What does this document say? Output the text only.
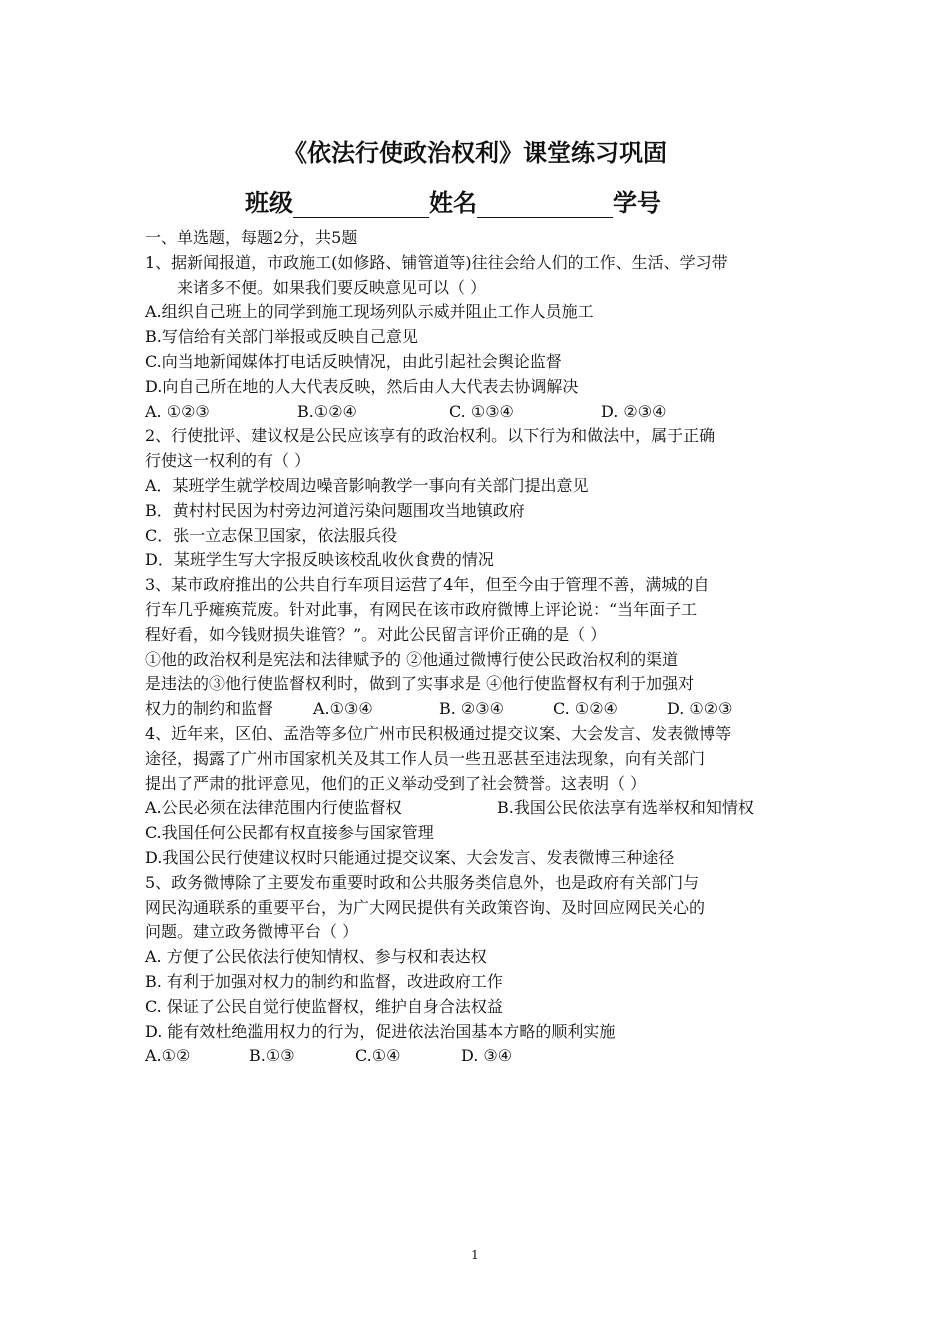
《依法行使政治权利》课堂练习巩固
班级	姓名	学号
一、单选题，每题2分，共5题
1、据新闻报道，市政施工(如修路、铺管道等)往往会给人们的工作、生活、学习带
来诸多不便。如果我们要反映意见可以（ ）
A.组织自己班上的同学到施工现场列队示威并阻止工作人员施工
B.写信给有关部门举报或反映自己意见
C.向当地新闻媒体打电话反映情况，由此引起社会舆论监督
D.向自己所在地的人大代表反映，然后由人大代表去协调解决
A. ①②③	B.①②④	C. ①③④	D. ②③④
2、行使批评、建议权是公民应该享有的政治权利。以下行为和做法中，属于正确
行使这一权利的有（ ）
A．某班学生就学校周边噪音影响教学一事向有关部门提出意见
B．黄村村民因为村旁边河道污染问题围攻当地镇政府
C．张一立志保卫国家，依法服兵役
D．某班学生写大字报反映该校乱收伙食费的情况
3、某市政府推出的公共自行车项目运营了4年，但至今由于管理不善，满城的自
行车几乎瘫痪荒废。针对此事，有网民在该市政府微博上评论说：“当年面子工
程好看，如今钱财损失谁管？”。对此公民留言评价正确的是（ ）
①他的政治权利是宪法和法律赋予的 ②他通过微博行使公民政治权利的渠道
是违法的③他行使监督权利时，做到了实事求是 ④他行使监督权有利于加强对
权力的制约和监督 A.①③④	B. ②③④	C. ①②④	D. ①②③
4、近年来，区伯、孟浩等多位广州市民积极通过提交议案、大会发言、发表微博等
途径，揭露了广州市国家机关及其工作人员一些丑恶甚至违法现象，向有关部门
提出了严肃的批评意见，他们的正义举动受到了社会赞誉。这表明（ ）
A.公民必须在法律范围内行使监督权	B.我国公民依法享有选举权和知情权
C.我国任何公民都有权直接参与国家管理
D.我国公民行使建议权时只能通过提交议案、大会发言、发表微博三种途径
5、政务微博除了主要发布重要时政和公共服务类信息外，也是政府有关部门与
网民沟通联系的重要平台，为广大网民提供有关政策咨询、及时回应网民关心的
问题。建立政务微博平台（ ）
A. 方便了公民依法行使知情权、参与权和表达权
B. 有利于加强对权力的制约和监督，改进政府工作
C. 保证了公民自觉行使监督权，维护自身合法权益
D. 能有效杜绝滥用权力的行为，促进依法治国基本方略的顺利实施
A.①②	B.①③	C.①④	D. ③④
1
